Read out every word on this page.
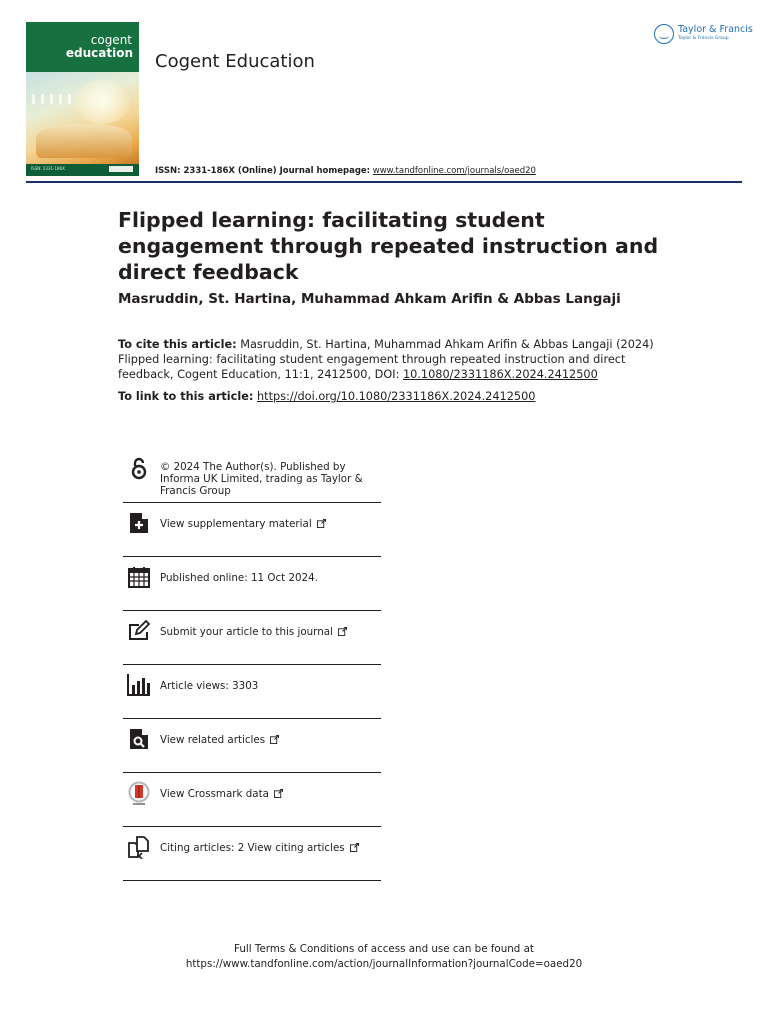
cogent
education
ISSN: 2331-186X
Cogent Education
Taylor & Francis
Taylor & Francis Group
ISSN: 2331-186X (Online) Journal homepage: www.tandfonline.com/journals/oaed20
Flipped learning: facilitating student engagement through repeated instruction and direct feedback
Masruddin, St. Hartina, Muhammad Ahkam Arifin & Abbas Langaji
To cite this article: Masruddin, St. Hartina, Muhammad Ahkam Arifin & Abbas Langaji (2024) Flipped learning: facilitating student engagement through repeated instruction and direct feedback, Cogent Education, 11:1, 2412500, DOI: 10.1080/2331186X.2024.2412500
To link to this article: https://doi.org/10.1080/2331186X.2024.2412500
© 2024 The Author(s). Published by Informa UK Limited, trading as Taylor & Francis Group
View supplementary material
Published online: 11 Oct 2024.
Submit your article to this journal
Article views: 3303
View related articles
View Crossmark data
Citing articles: 2 View citing articles
Full Terms & Conditions of access and use can be found at
https://www.tandfonline.com/action/journalInformation?journalCode=oaed20
